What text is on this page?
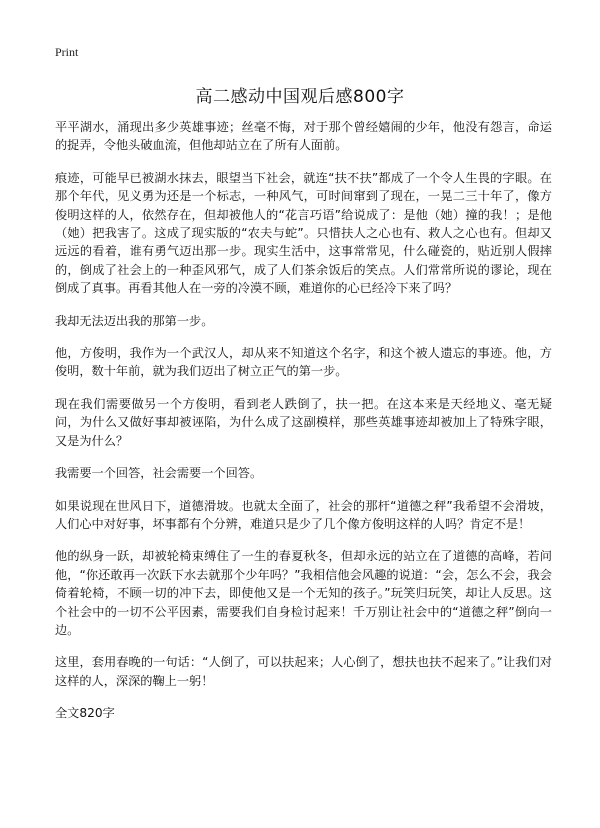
Print
高二感动中国观后感800字

平平湖水，涌现出多少英雄事迹；丝毫不悔，对于那个曾经嬉闹的少年，他没有怨言，命运的捉弄，令他头破血流，但他却站立在了所有人面前。

痕迹，可能早已被湖水抹去，眼望当下社会，就连“扶不扶”都成了一个令人生畏的字眼。在那个年代，见义勇为还是一个标志，一种风气，可时间窜到了现在，一晃二三十年了，像方俊明这样的人，依然存在，但却被他人的“花言巧语”给说成了：是他（她）撞的我！；是他（她）把我害了。这成了现实版的“农夫与蛇”。只惜扶人之心也有、救人之心也有。但却又远远的看着，谁有勇气迈出那一步。现实生活中，这事常常见，什么碰瓷的，贴近别人假摔的，倒成了社会上的一种歪风邪气，成了人们茶余饭后的笑点。人们常常所说的谬论，现在倒成了真事。再看其他人在一旁的冷漠不顾，难道你的心已经冷下来了吗？

我却无法迈出我的那第一步。

他，方俊明，我作为一个武汉人，却从来不知道这个名字，和这个被人遗忘的事迹。他，方俊明，数十年前，就为我们迈出了树立正气的第一步。

现在我们需要做另一个方俊明，看到老人跌倒了，扶一把。在这本来是天经地义、毫无疑问，为什么又做好事却被诬陷，为什么成了这副模样，那些英雄事迹却被加上了特殊字眼，又是为什么？

我需要一个回答，社会需要一个回答。

如果说现在世风日下，道德滑坡。也就太全面了，社会的那杆“道德之秤”我希望不会滑坡，人们心中对好事，坏事都有个分辨，难道只是少了几个像方俊明这样的人吗？肯定不是！

他的纵身一跃，却被轮椅束缚住了一生的春夏秋冬，但却永远的站立在了道德的高峰，若问他，“你还敢再一次跃下水去就那个少年吗？”我相信他会风趣的说道：“会，怎么不会，我会倚着轮椅，不顾一切的冲下去，即使他又是一个无知的孩子。”玩笑归玩笑，却让人反思。这个社会中的一切不公平因素，需要我们自身检讨起来！千万别让社会中的“道德之秤”倒向一边。

这里，套用春晚的一句话：“人倒了，可以扶起来；人心倒了，想扶也扶不起来了。”让我们对这样的人，深深的鞠上一躬！

全文820字
